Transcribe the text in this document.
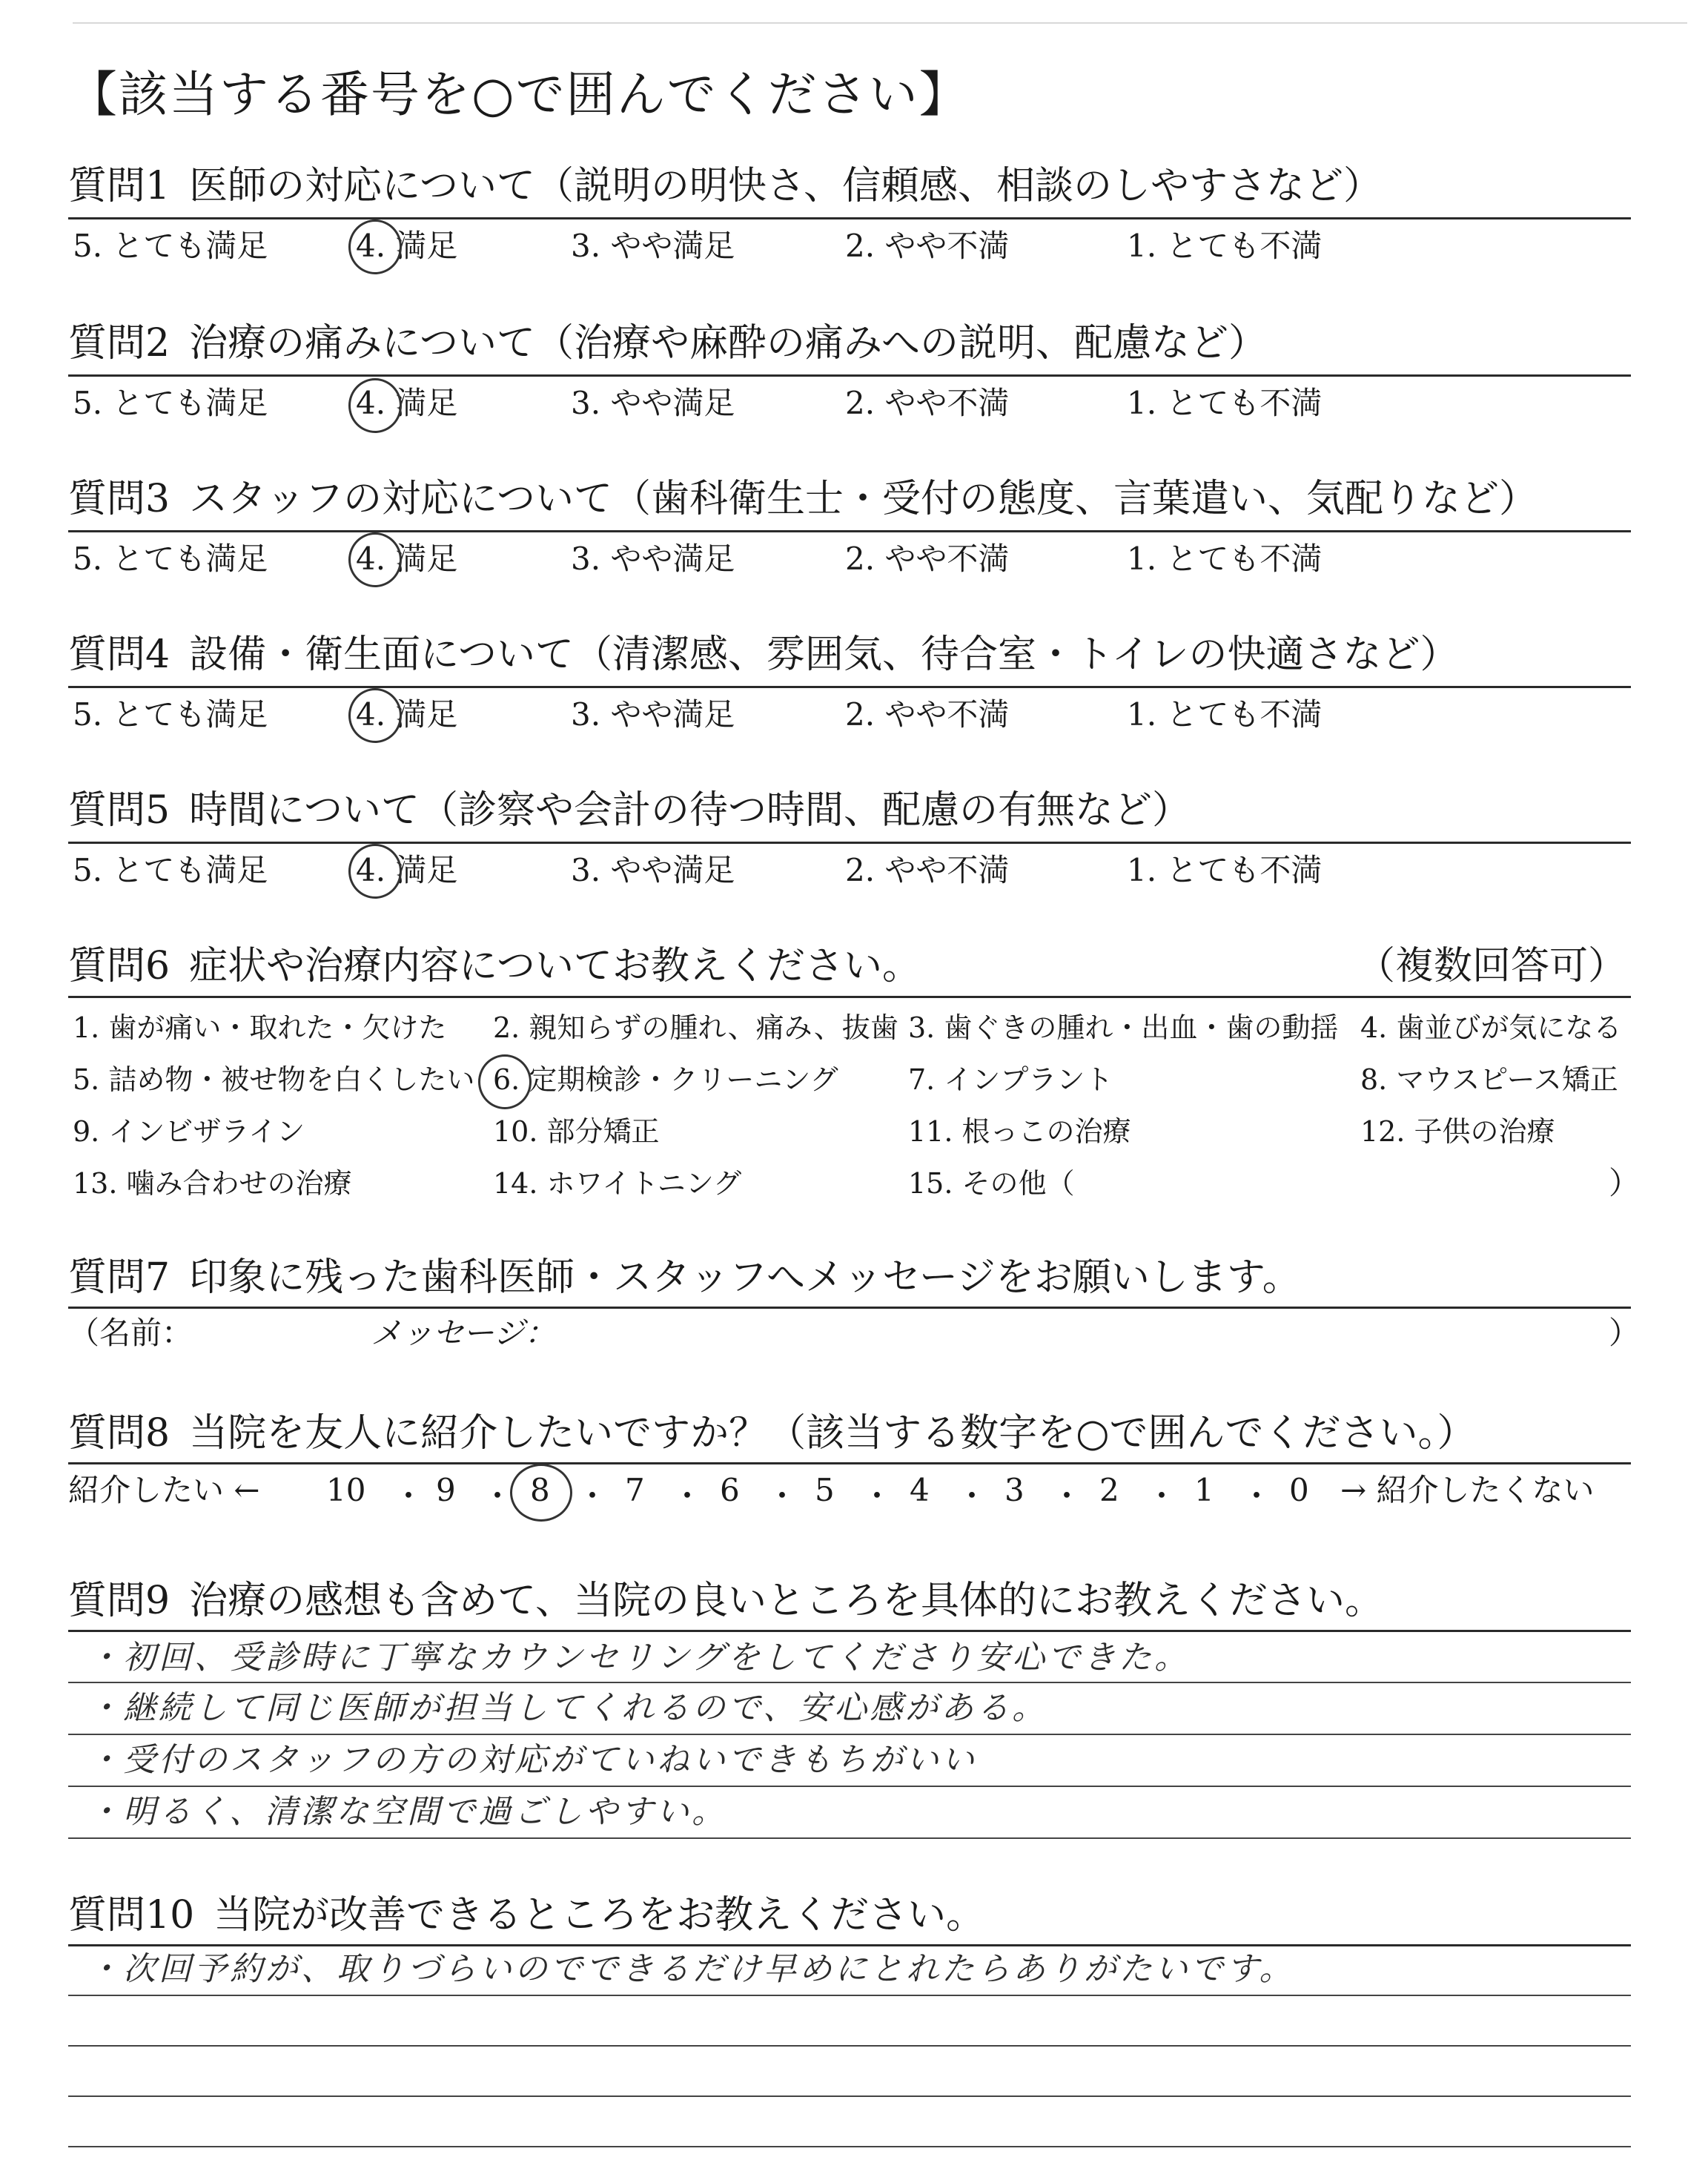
【該当する番号を○で囲んでください】
質問1 医師の対応について（説明の明快さ、信頼感、相談のしやすさなど）
5. とても満足	4. 満足	3. やや満足	2. やや不満	1. とても不満
質問2 治療の痛みについて（治療や麻酔の痛みへの説明、配慮など）
5. とても満足	4. 満足	3. やや満足	2. やや不満	1. とても不満
質問3 スタッフの対応について（歯科衛生士・受付の態度、言葉遣い、気配りなど）
5. とても満足	4. 満足	3. やや満足	2. やや不満	1. とても不満
質問4 設備・衛生面について（清潔感、雰囲気、待合室・トイレの快適さなど）
5. とても満足	4. 満足	3. やや満足	2. やや不満	1. とても不満
質問5 時間について（診察や会計の待つ時間、配慮の有無など）
5. とても満足	4. 満足	3. やや満足	2. やや不満	1. とても不満
質問6 症状や治療内容についてお教えください。	（複数回答可）
1. 歯が痛い・取れた・欠けた 2. 親知らずの腫れ、痛み、抜歯 3. 歯ぐきの腫れ・出血・歯の動揺 4. 歯並びが気になる
5. 詰め物・被せ物を白くしたい 6. 定期検診・クリーニング 7. インプラント	8. マウスピース矯正
9. インビザライン	10. 部分矯正	11. 根っこの治療	12. 子供の治療
13. 噛み合わせの治療	14. ホワイトニング	15. その他（	）
質問7 印象に残った歯科医師・スタッフへメッセージをお願いします。
（名前：	メッセージ：	）
質問8 当院を友人に紹介したいですか？（該当する数字を○で囲んでください。）
紹介したい ← 10 ・ 9 ・ 8 ・ 7 ・ 6 ・ 5 ・ 4 ・ 3 ・ 2 ・ 1 ・ 0 → 紹介したくない
質問9 治療の感想も含めて、当院の良いところを具体的にお教えください。
・初回、受診時に丁寧なカウンセリングをしてくださり安心できた。
・継続して同じ医師が担当してくれるので、安心感がある。
・受付のスタッフの方の対応がていねいできもちがいい
・明るく、清潔な空間で過ごしやすい。
質問10 当院が改善できるところをお教えください。
・次回予約が、取りづらいのでできるだけ早めにとれたらありがたいです。
